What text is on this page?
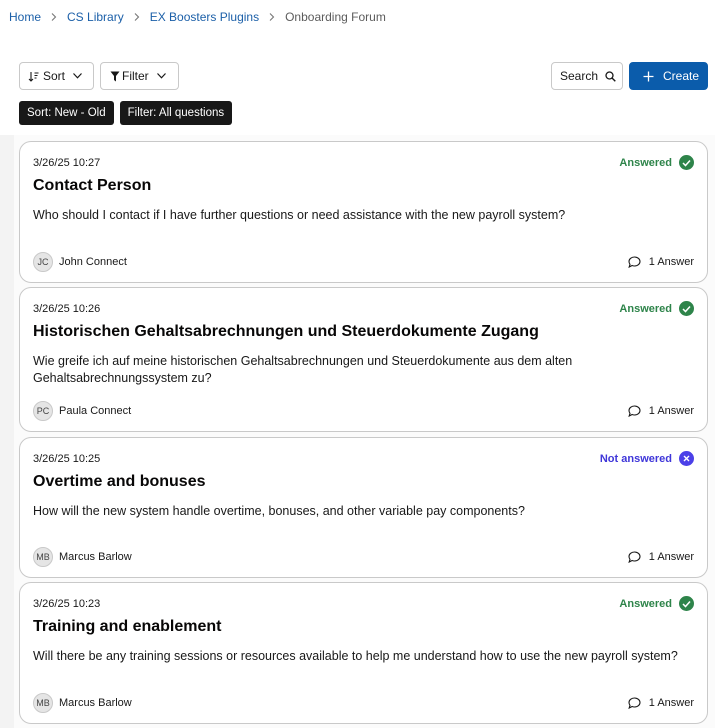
Home CS Library EX Boosters Plugins Onboarding Forum
Sort	Filter	Search	Create
Sort: New - Old	Filter: All questions
3/26/25 10:27	Answered
Contact Person
Who should I contact if I have further questions or need assistance with the new payroll system?
JC John Connect	1 Answer
3/26/25 10:26	Answered
Historischen Gehaltsabrechnungen und Steuerdokumente Zugang
Wie greife ich auf meine historischen Gehaltsabrechnungen und Steuerdokumente aus dem alten Gehaltsabrechnungssystem zu?
PC Paula Connect	1 Answer
3/26/25 10:25	Not answered
Overtime and bonuses
How will the new system handle overtime, bonuses, and other variable pay components?
MB Marcus Barlow	1 Answer
3/26/25 10:23	Answered
Training and enablement
Will there be any training sessions or resources available to help me understand how to use the new payroll system?
MB Marcus Barlow	1 Answer
